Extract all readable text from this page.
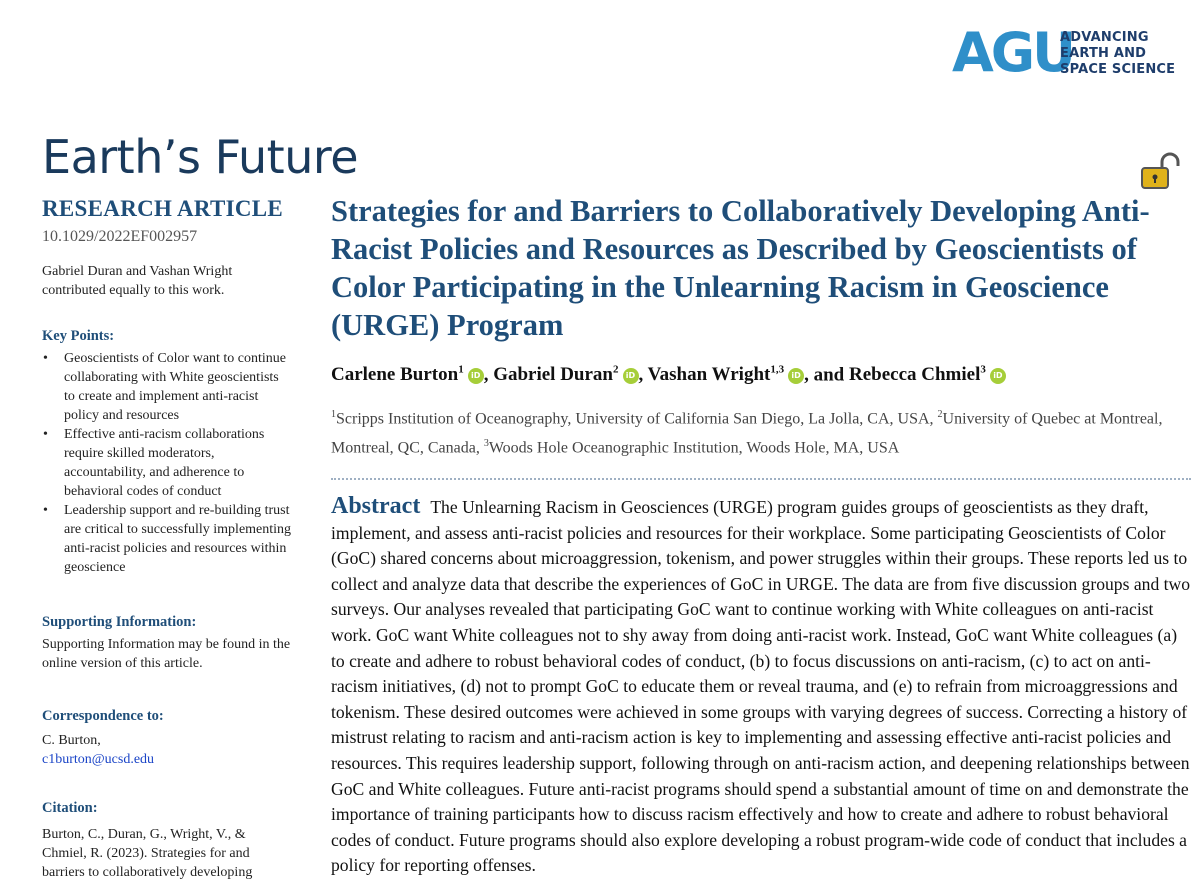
AGU
ADVANCING
EARTH AND
SPACE SCIENCE
Earth’s Future
RESEARCH ARTICLE
10.1029/2022EF002957
Gabriel Duran and Vashan Wright contributed equally to this work.
Key Points:
• Geoscientists of Color want to continue collaborating with White geoscientists to create and implement anti-racist policy and resources
• Effective anti-racism collaborations require skilled moderators, accountability, and adherence to behavioral codes of conduct
• Leadership support and re-building trust are critical to successfully implementing anti-racist policies and resources within geoscience
Supporting Information:
Supporting Information may be found in the online version of this article.
Correspondence to:
C. Burton,
c1burton@ucsd.edu
Citation:
Burton, C., Duran, G., Wright, V., & Chmiel, R. (2023). Strategies for and barriers to collaboratively developing
Strategies for and Barriers to Collaboratively Developing Anti-Racist Policies and Resources as Described by Geoscientists of Color Participating in the Unlearning Racism in Geoscience (URGE) Program
Carlene Burton$^1$ iD , Gabriel Duran$^2$ iD , Vashan Wright$^{1,3}$ iD , and Rebecca Chmiel$^3$ iD
$^1$Scripps Institution of Oceanography, University of California San Diego, La Jolla, CA, USA, $^2$University of Quebec at Montreal, Montreal, QC, Canada, $^3$Woods Hole Oceanographic Institution, Woods Hole, MA, USA
Abstract The Unlearning Racism in Geosciences (URGE) program guides groups of geoscientists as they draft, implement, and assess anti-racist policies and resources for their workplace. Some participating Geoscientists of Color (GoC) shared concerns about microaggression, tokenism, and power struggles within their groups. These reports led us to collect and analyze data that describe the experiences of GoC in URGE. The data are from five discussion groups and two surveys. Our analyses revealed that participating GoC want to continue working with White colleagues on anti-racist work. GoC want White colleagues not to shy away from doing anti-racist work. Instead, GoC want White colleagues (a) to create and adhere to robust behavioral codes of conduct, (b) to focus discussions on anti-racism, (c) to act on anti-racism initiatives, (d) not to prompt GoC to educate them or reveal trauma, and (e) to refrain from microaggressions and tokenism. These desired outcomes were achieved in some groups with varying degrees of success. Correcting a history of mistrust relating to racism and anti-racism action is key to implementing and assessing effective anti-racist policies and resources. This requires leadership support, following through on anti-racism action, and deepening relationships between GoC and White colleagues. Future anti-racist programs should spend a substantial amount of time on and demonstrate the importance of training participants how to discuss racism effectively and how to create and adhere to robust behavioral codes of conduct. Future programs should also explore developing a robust program-wide code of conduct that includes a policy for reporting offenses.
